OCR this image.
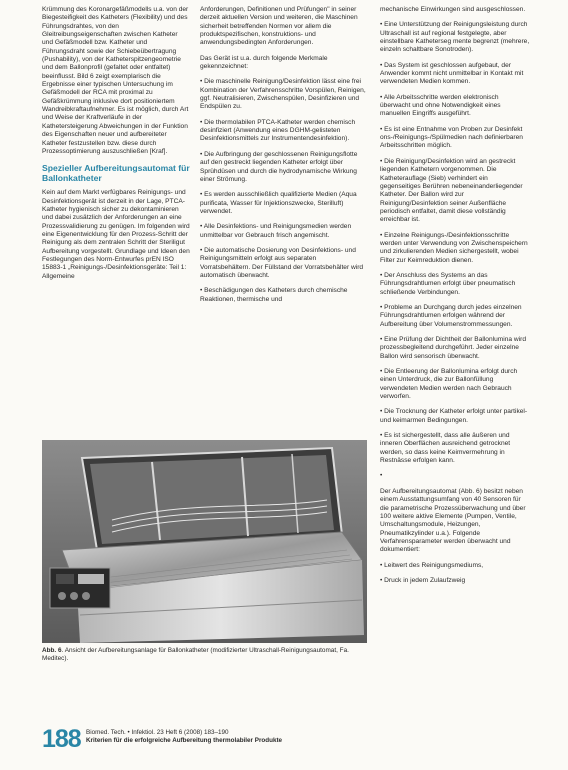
Krümmung des Koronargefäßmodells u.a. von der Biegesteifigkeit des Katheters (Flexibility) und des Führungsdrahtes, von den Gleitreibungseigenschaften zwischen Katheter und Gefäßmodell bzw. Katheter und Führungsdraht sowie der Schiebeübertragung (Pushability), von der Katheterspitzengeometrie und dem Ballonprofil (gefaltet oder entfaltet) beeinflusst. Bild 6 zeigt exemplarisch die Ergebnisse einer typischen Untersuchung im Gefäßmodell der RCA mit proximal zu Gefäßkrümmung inklusive dort positioniertem Wandreibkraftaufnehmer. Es ist möglich, durch Art und Weise der Kraftverläufe in der Kathetersteigerung Abweichungen in der Funktion des Eigenschaften neuer und aufbereiteter Katheter festzustellen bzw. diese durch Prozessoptimierung auszuschließen [Kraf].

Spezieller Aufbereitungsautomat für Ballonkatheter

Kein auf dem Markt verfügbares Reinigungs- und Desinfektionsgerät ist derzeit in der Lage, PTCA-Katheter hygienisch sicher zu dekontaminieren und dabei zusätzlich der Anforderungen an eine Prozessvalidierung zu genügen. Im folgenden wird eine Eigenentwicklung für den Prozess-Schritt der Reinigung als dem zentralen Schritt der Steriligut Aufbereitung vorgestellt. Grundlage und Ideen den Festlegungen des Norm-Entwurfes prEN ISO 15883-1 „Reinigungs-/Desinfektionsgeräte: Teil 1: Allgemeine

Anforderungen, Definitionen und Prüfungen" in seiner derzeit aktuellen Version und weiteren, die Maschinen sicherheit betreffenden Normen vor allem die produktspezifischen, konstruktions- und anwendungsbedingten Anforderungen.

Das Gerät ist u.a. durch folgende Merkmale gekennzeichnet:

• Die maschinelle Reinigung/Desinfektion lässt eine frei Kombination der Verfahrensschritte Vorspülen, Reinigen, ggf. Neutralisieren, Zwischenspülen, Desinfizieren und Endspülen zu.

• Die thermolabilen PTCA-Katheter werden chemisch desinfiziert (Anwendung eines DGHM-gelisteten Desinfektionsmittels zur Instrumentendesinfektion).

• Die Aufbringung der geschlossenen Reinigungsflotte auf den gestreckt liegenden Katheter erfolgt über Sprühdüsen und durch die hydrodynamische Wirkung einer Strömung.

• Es werden ausschließlich qualifizierte Medien (Aqua purificata, Wasser für Injektionszwecke, Sterilluft) verwendet.

• Alle Desinfektions- und Reinigungsmedien werden unmittelbar vor Gebrauch frisch angemischt.

• Die automatische Dosierung von Desinfektions- und Reinigungsmitteln erfolgt aus separaten Vorratsbehältern. Der Füllstand der Vorratsbehälter wird automatisch überwacht.

• Beschädigungen des Katheters durch chemische Reaktionen, thermische und

mechanische Einwirkungen sind ausgeschlossen.

• Eine Unterstützung der Reinigungsleistung durch Ultraschall ist auf regional festgelegte, aber einstellbare Katheterseg mente begrenzt (mehrere, einzeln schaltbare Sonotroden).

• Das System ist geschlossen aufgebaut, der Anwender kommt nicht unmittelbar in Kontakt mit verwendeten Medien kommen.

• Alle Arbeitsschritte werden elektronisch überwacht und ohne Notwendigkeit eines manuellen Eingriffs ausgeführt.

• Es ist eine Entnahme von Proben zur Desinfekt ons-/Reinigungs-/Spülmedien nach definierbaren Arbeitsschritten möglich.

• Die Reinigung/Desinfektion wird an gestreckt liegenden Kathetern vorgenommen. Die Katheterauflage (Sieb) verhindert ein gegenseitiges Berühren nebeneinanderliegender Katheter. Der Ballon wird zur Reinigung/Desinfektion seiner Außenfläche periodisch entfaltet, damit diese vollständig erreichbar ist.

• Einzelne Reinigungs-/Desinfektionsschritte werden unter Verwendung von Zwischenspeichern und zirkulierenden Medien sichergestellt, wobei Filter zur Keimreduktion dienen.

• Der Anschluss des Systems an das Führungsdrahtlumen erfolgt über pneumatisch schließende Verbindungen.

• Probleme an Durchgang durch jedes einzelnen Führungsdrahtlumen erfolgen während der Aufbereitung über Volumenstrommessungen.

• Eine Prüfung der Dichtheit der Ballonlumina wird prozessbegleitend durchgeführt. Jeder einzelne Ballon wird sensorisch überwacht.

• Die Entleerung der Ballonlumina erfolgt durch einen Unterdruck, die zur Ballonfüllung verwendeten Medien werden nach Gebrauch verworfen.

• Die Trocknung der Katheter erfolgt unter partikel- und keimarmen Bedingungen.

• Es ist sichergestellt, dass alle äußeren und inneren Oberflächen ausreichend getrocknet werden, so dass keine Keimvermehrung in Restnässe erfolgen kann.

•

Der Aufbereitungsautomat (Abb. 6) besitzt neben einem Ausstattungsumfang von 40 Sensoren für die parametrische Prozessüberwachung und über 100 weitere aktive Elemente (Pumpen, Ventile, Umschaltungsmodule, Heizungen, Pneumatikzylinder u.a.). Folgende Verfahrensparameter werden überwacht und dokumentiert:

• Leitwert des Reinigungsmediums,

• Druck in jedem Zulaufzweig

Abb. 6. Ansicht der Aufbereitungsanlage für Ballonkatheter (modifizierter Ultraschall-Reinigungsautomat, Fa. Meditec).
188 Biomed. Tech. • Infektiol. 23 Heft 6 (2008) 183–190
Kriterien für die erfolgreiche Aufbereitung thermolabiler Produkte
